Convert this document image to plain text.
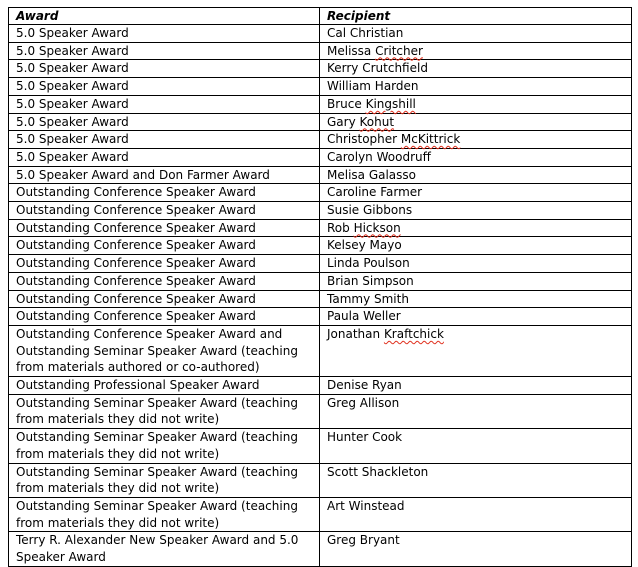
Award	Recipient
5.0 Speaker Award	Cal Christian
5.0 Speaker Award	Melissa Critcher
5.0 Speaker Award	Kerry Crutchfield
5.0 Speaker Award	William Harden
5.0 Speaker Award	Bruce Kingshill
5.0 Speaker Award	Gary Kohut
5.0 Speaker Award	Christopher McKittrick
5.0 Speaker Award	Carolyn Woodruff
5.0 Speaker Award and Don Farmer Award	Melisa Galasso
Outstanding Conference Speaker Award	Caroline Farmer
Outstanding Conference Speaker Award	Susie Gibbons
Outstanding Conference Speaker Award	Rob Hickson
Outstanding Conference Speaker Award	Kelsey Mayo
Outstanding Conference Speaker Award	Linda Poulson
Outstanding Conference Speaker Award	Brian Simpson
Outstanding Conference Speaker Award	Tammy Smith
Outstanding Conference Speaker Award	Paula Weller
Outstanding Conference Speaker Award and Outstanding Seminar Speaker Award (teaching from materials authored or co-authored)	Jonathan Kraftchick
Outstanding Professional Speaker Award	Denise Ryan
Outstanding Seminar Speaker Award (teaching from materials they did not write)	Greg Allison
Outstanding Seminar Speaker Award (teaching from materials they did not write)	Hunter Cook
Outstanding Seminar Speaker Award (teaching from materials they did not write)	Scott Shackleton
Outstanding Seminar Speaker Award (teaching from materials they did not write)	Art Winstead
Terry R. Alexander New Speaker Award and 5.0 Speaker Award	Greg Bryant
